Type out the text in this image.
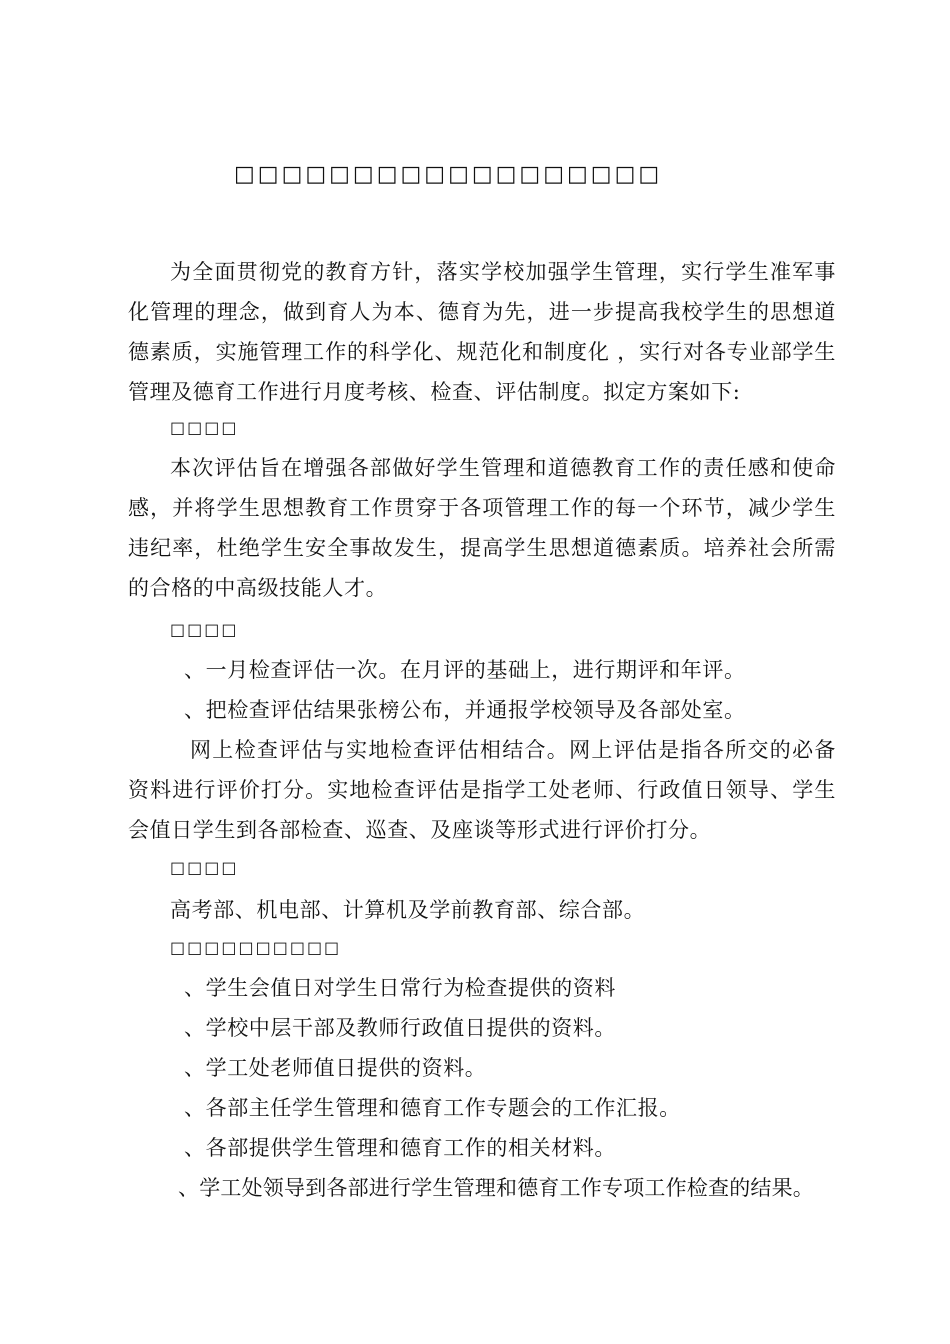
□□□□□□□□□□□□□□□□□□
为全面贯彻党的教育方针，落实学校加强学生管理，实行学生准军事化管理的理念，做到育人为本、德育为先，进一步提高我校学生的思想道德素质，实施管理工作的科学化、规范化和制度化 ，实行对各专业部学生管理及德育工作进行月度考核、检查、评估制度。拟定方案如下:
□□□□
本次评估旨在增强各部做好学生管理和道德教育工作的责任感和使命感，并将学生思想教育工作贯穿于各项管理工作的每一个环节，减少学生违纪率，杜绝学生安全事故发生，提高学生思想道德素质。培养社会所需的合格的中高级技能人才。
□□□□
、一月检查评估一次。在月评的基础上，进行期评和年评。
、把检查评估结果张榜公布，并通报学校领导及各部处室。
网上检查评估与实地检查评估相结合。网上评估是指各所交的必备资料进行评价打分。实地检查评估是指学工处老师、行政值日领导、学生会值日学生到各部检查、巡查、及座谈等形式进行评价打分。
□□□□
高考部、机电部、计算机及学前教育部、综合部。
□□□□□□□□□□
、学生会值日对学生日常行为检查提供的资料
、学校中层干部及教师行政值日提供的资料。
、学工处老师值日提供的资料。
、各部主任学生管理和德育工作专题会的工作汇报。
、各部提供学生管理和德育工作的相关材料。
、学工处领导到各部进行学生管理和德育工作专项工作检查的结果。
